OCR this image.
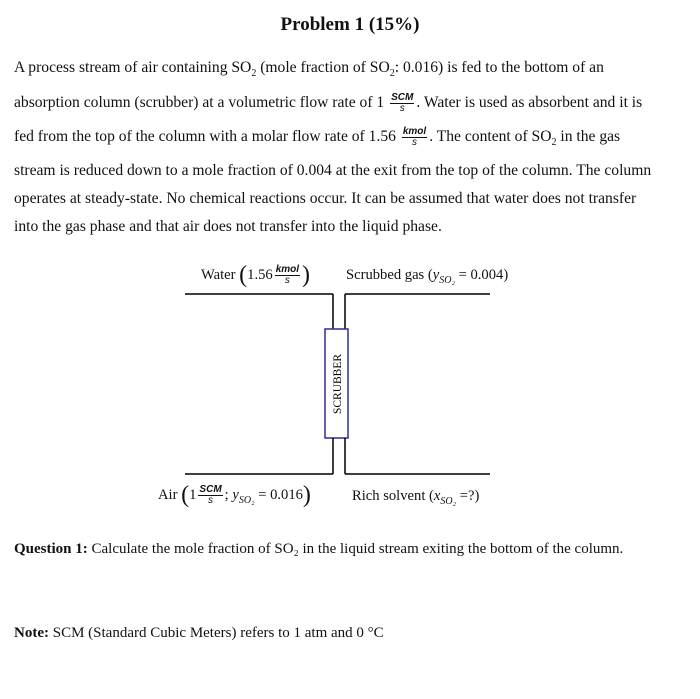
Problem 1 (15%)
A process stream of air containing $SO_2$ (mole fraction of $SO_2$: 0.016) is fed to the bottom of an
absorption column (scrubber) at a volumetric flow rate of $1 \frac{\text{SCM}}{s}$ . Water is used as absorbent and it is
fed from the top of the column with a molar flow rate of $1.56 \frac{\text{kmol}}{s}$ . The content of $SO_2$ in the gas
stream is reduced down to a mole fraction of 0.004 at the exit from the top of the column. The column
operates at steady-state. No chemical reactions occur. It can be assumed that water does not transfer
into the gas phase and that air does not transfer into the liquid phase.
SCRUBBER
Water ($1.56 \frac{\text{kmol}}{s}$ ) Scrubbed gas $(y_{SO_2} = 0.004)$
Air ($1 \frac{\text{SCM}}{s}$ ; $y_{SO_2} = 0.016$)	Rich solvent ($x_{SO_2}$ =?)
Question 1: Calculate the mole fraction of SO₂ in the liquid stream exiting the bottom of the column.
Note: SCM (Standard Cubic Meters) refers to 1 atm and 0 °C
